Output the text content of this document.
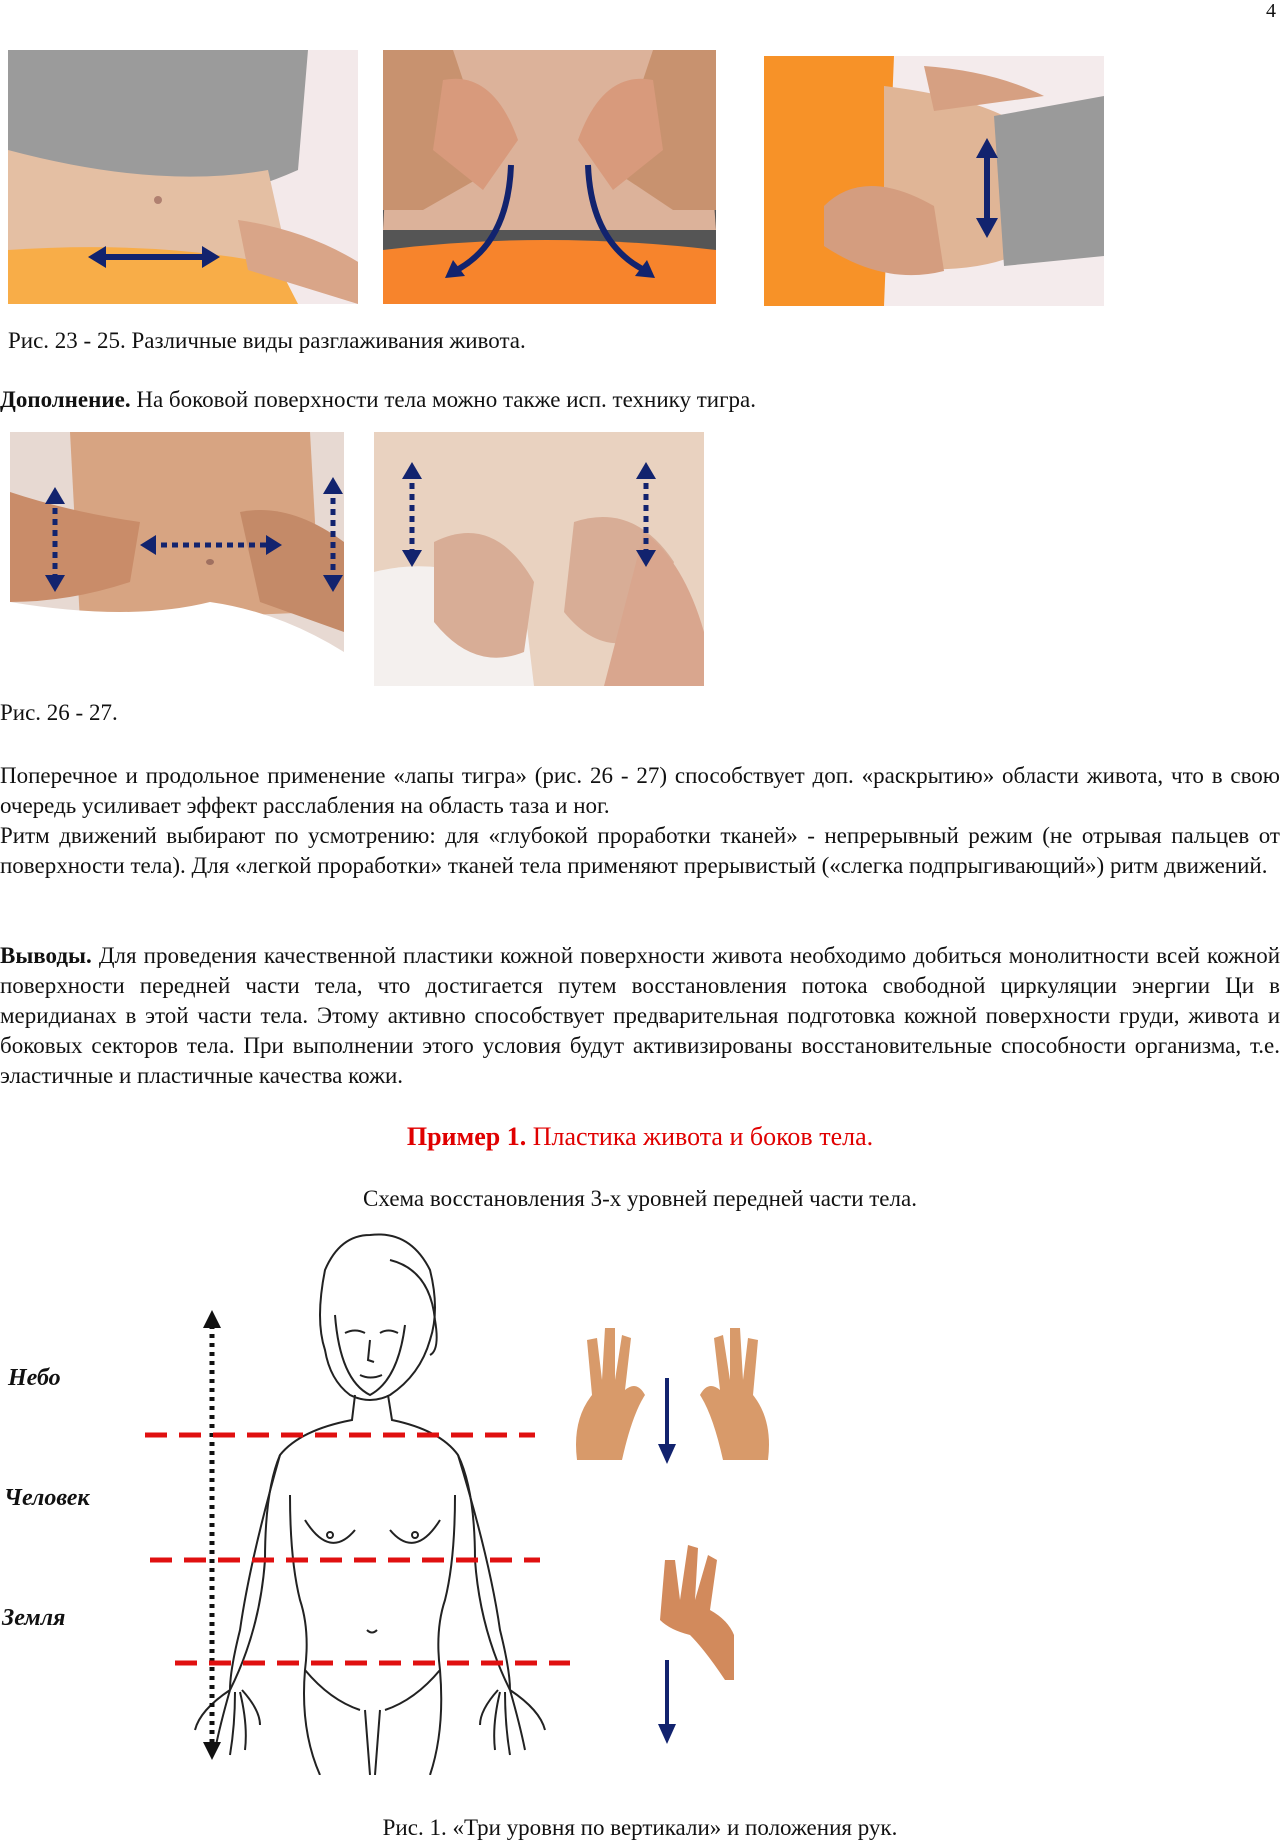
4
Рис. 23 - 25. Различные виды разглаживания живота.
Дополнение. На боковой поверхности тела можно также исп. технику тигра.
Рис. 26 - 27.
Поперечное и продольное применение «лапы тигра» (рис. 26 - 27) способствует доп. «раскрытию» области живота, что в свою очередь усиливает эффект расслабления на область таза и ног.
Ритм движений выбирают по усмотрению: для «глубокой проработки тканей» - непрерывный режим (не отрывая пальцев от поверхности тела). Для «легкой проработки» тканей тела применяют прерывистый («слегка подпрыгивающий») ритм движений.
Выводы. Для проведения качественной пластики кожной поверхности живота необходимо добиться монолитности всей кожной поверхности передней части тела, что достигается путем восстановления потока свободной циркуляции энергии Ци в меридианах в этой части тела. Этому активно способствует предварительная подготовка кожной поверхности груди, живота и боковых секторов тела. При выполнении этого условия будут активизированы восстановительные способности организма, т.е. эластичные и пластичные качества кожи.
Пример 1. Пластика живота и боков тела.
Схема восстановления 3-х уровней передней части тела.
Небо
Человек
Земля
Рис. 1. «Три уровня по вертикали» и положения рук.
